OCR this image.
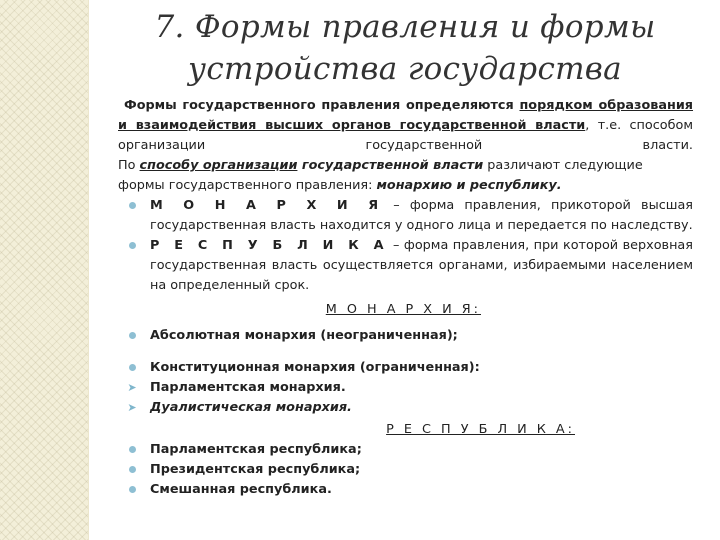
7. Формы правления и формы
устройства государства
Формы государственного правления определяются порядком образования и взаимодействия высших органов государственной власти, т.е. способом организации государственной власти.
По способу организации государственной власти различают следующие формы государственного правления: монархию и республику.
М О Н А Р Х И Я – форма правления, прикоторой высшая государственная власть находится у одного лица и передается по наследству.
Р Е С П У Б Л И К А – форма правления, при которой верховная государственная власть осуществляется органами, избираемыми населением на определенный срок.
М О Н А Р Х И Я:
Абсолютная монархия (неограниченная);
Конституционная монархия (ограниченная):
➤	Парламентская монархия.
➤	Дуалистическая монархия.
Р Е С П У Б Л И К А:
Парламентская республика;
Президентская республика;
Смешанная республика.
